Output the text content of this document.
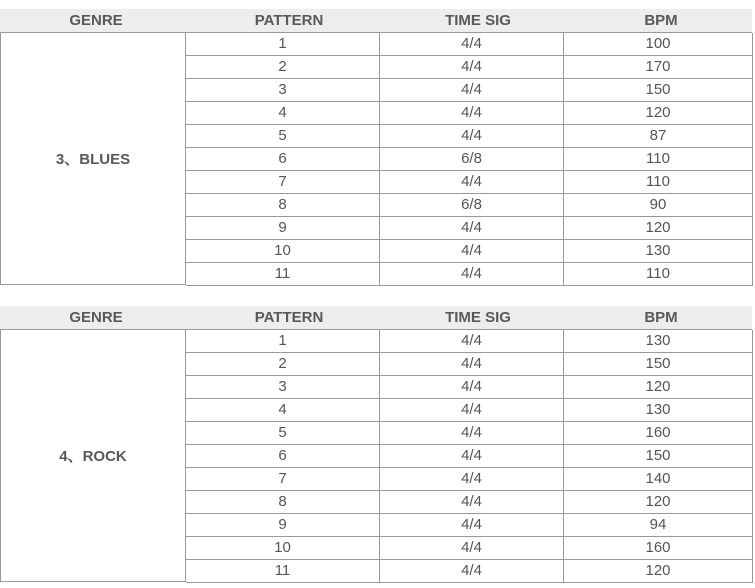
GENRE	PATTERN	TIME SIG	BPM
3、BLUES
1	4/4	100
2	4/4	170
3	4/4	150
4	4/4	120
5	4/4	87
6	6/8	110
7	4/4	110
8	6/8	90
9	4/4	120
10	4/4	130
11	4/4	110
GENRE	PATTERN	TIME SIG	BPM
4、ROCK
1	4/4	130
2	4/4	150
3	4/4	120
4	4/4	130
5	4/4	160
6	4/4	150
7	4/4	140
8	4/4	120
9	4/4	94
10	4/4	160
11	4/4	120
